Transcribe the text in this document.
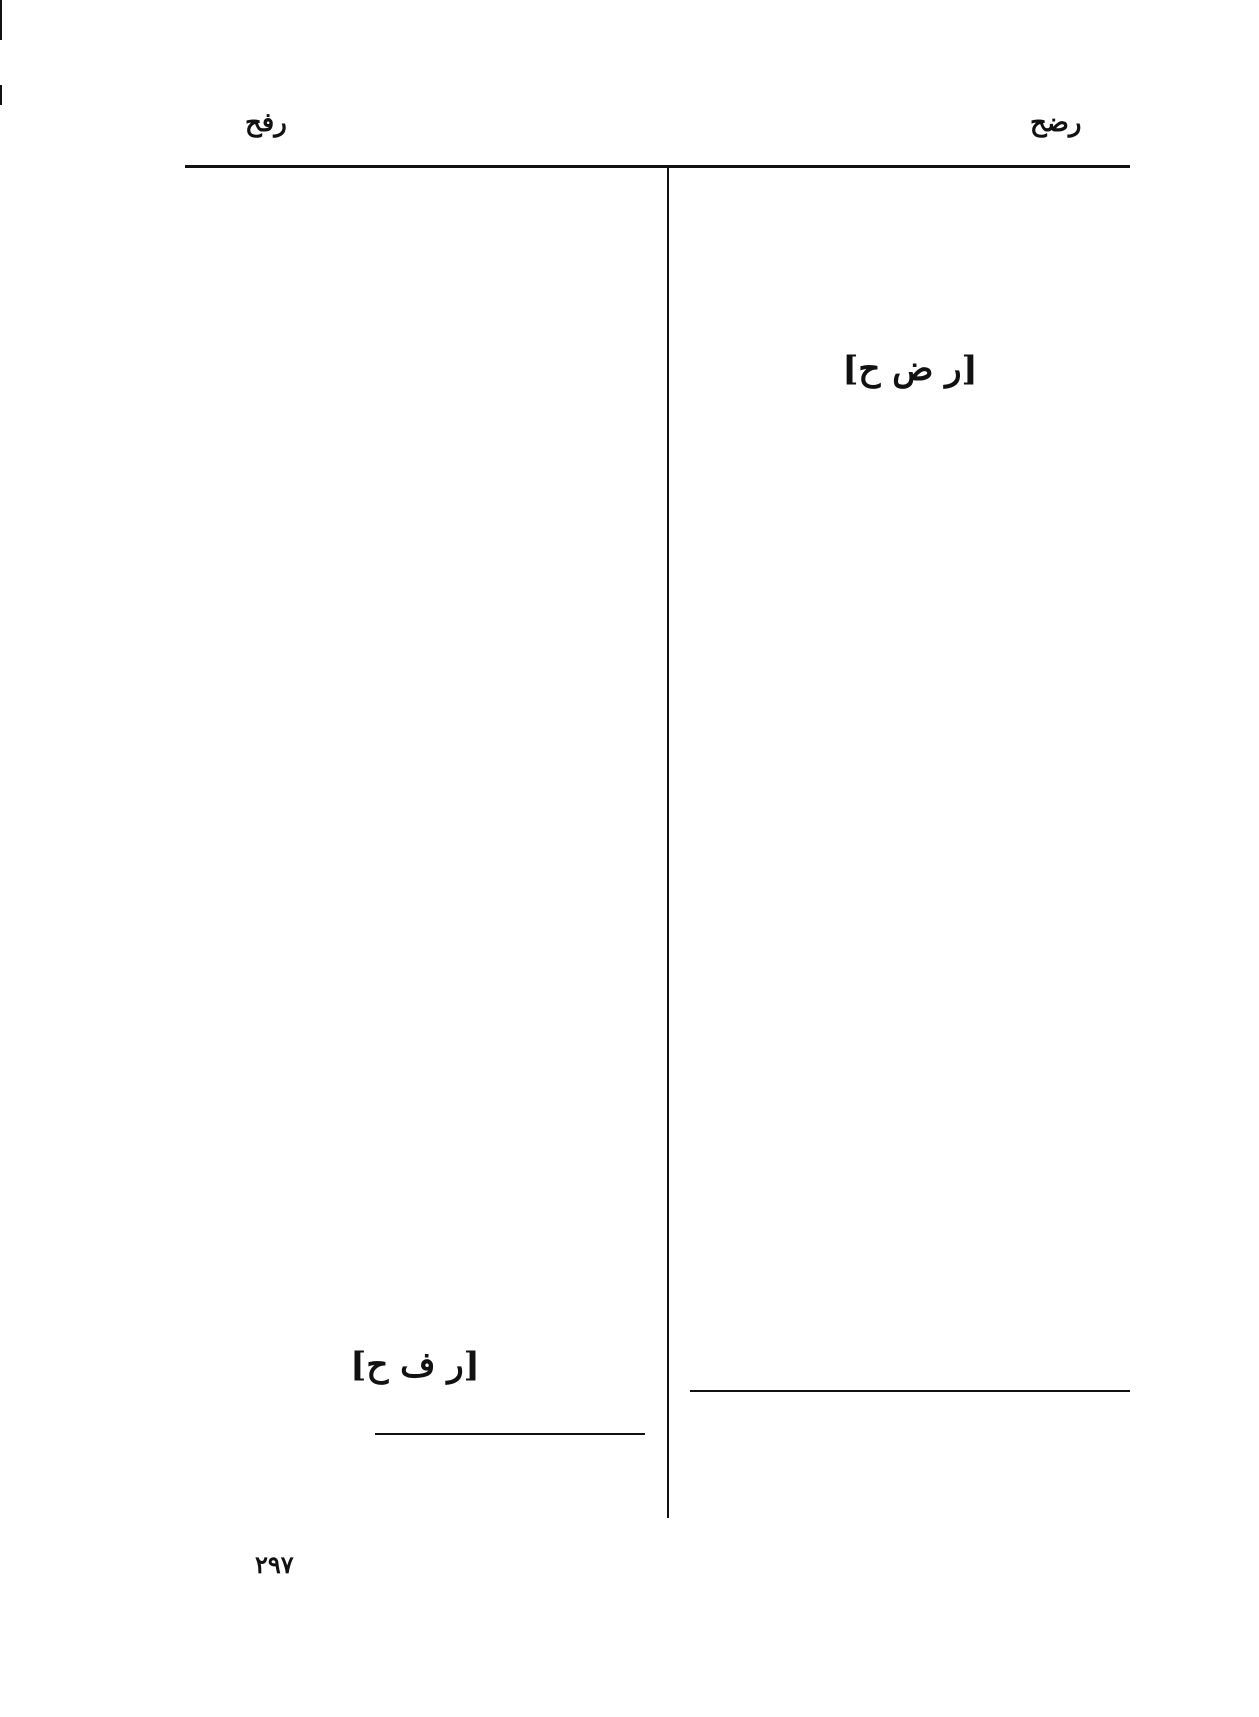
رفح	رضح

[ر ض ح]

[ر ف ح]

٢٩٧
